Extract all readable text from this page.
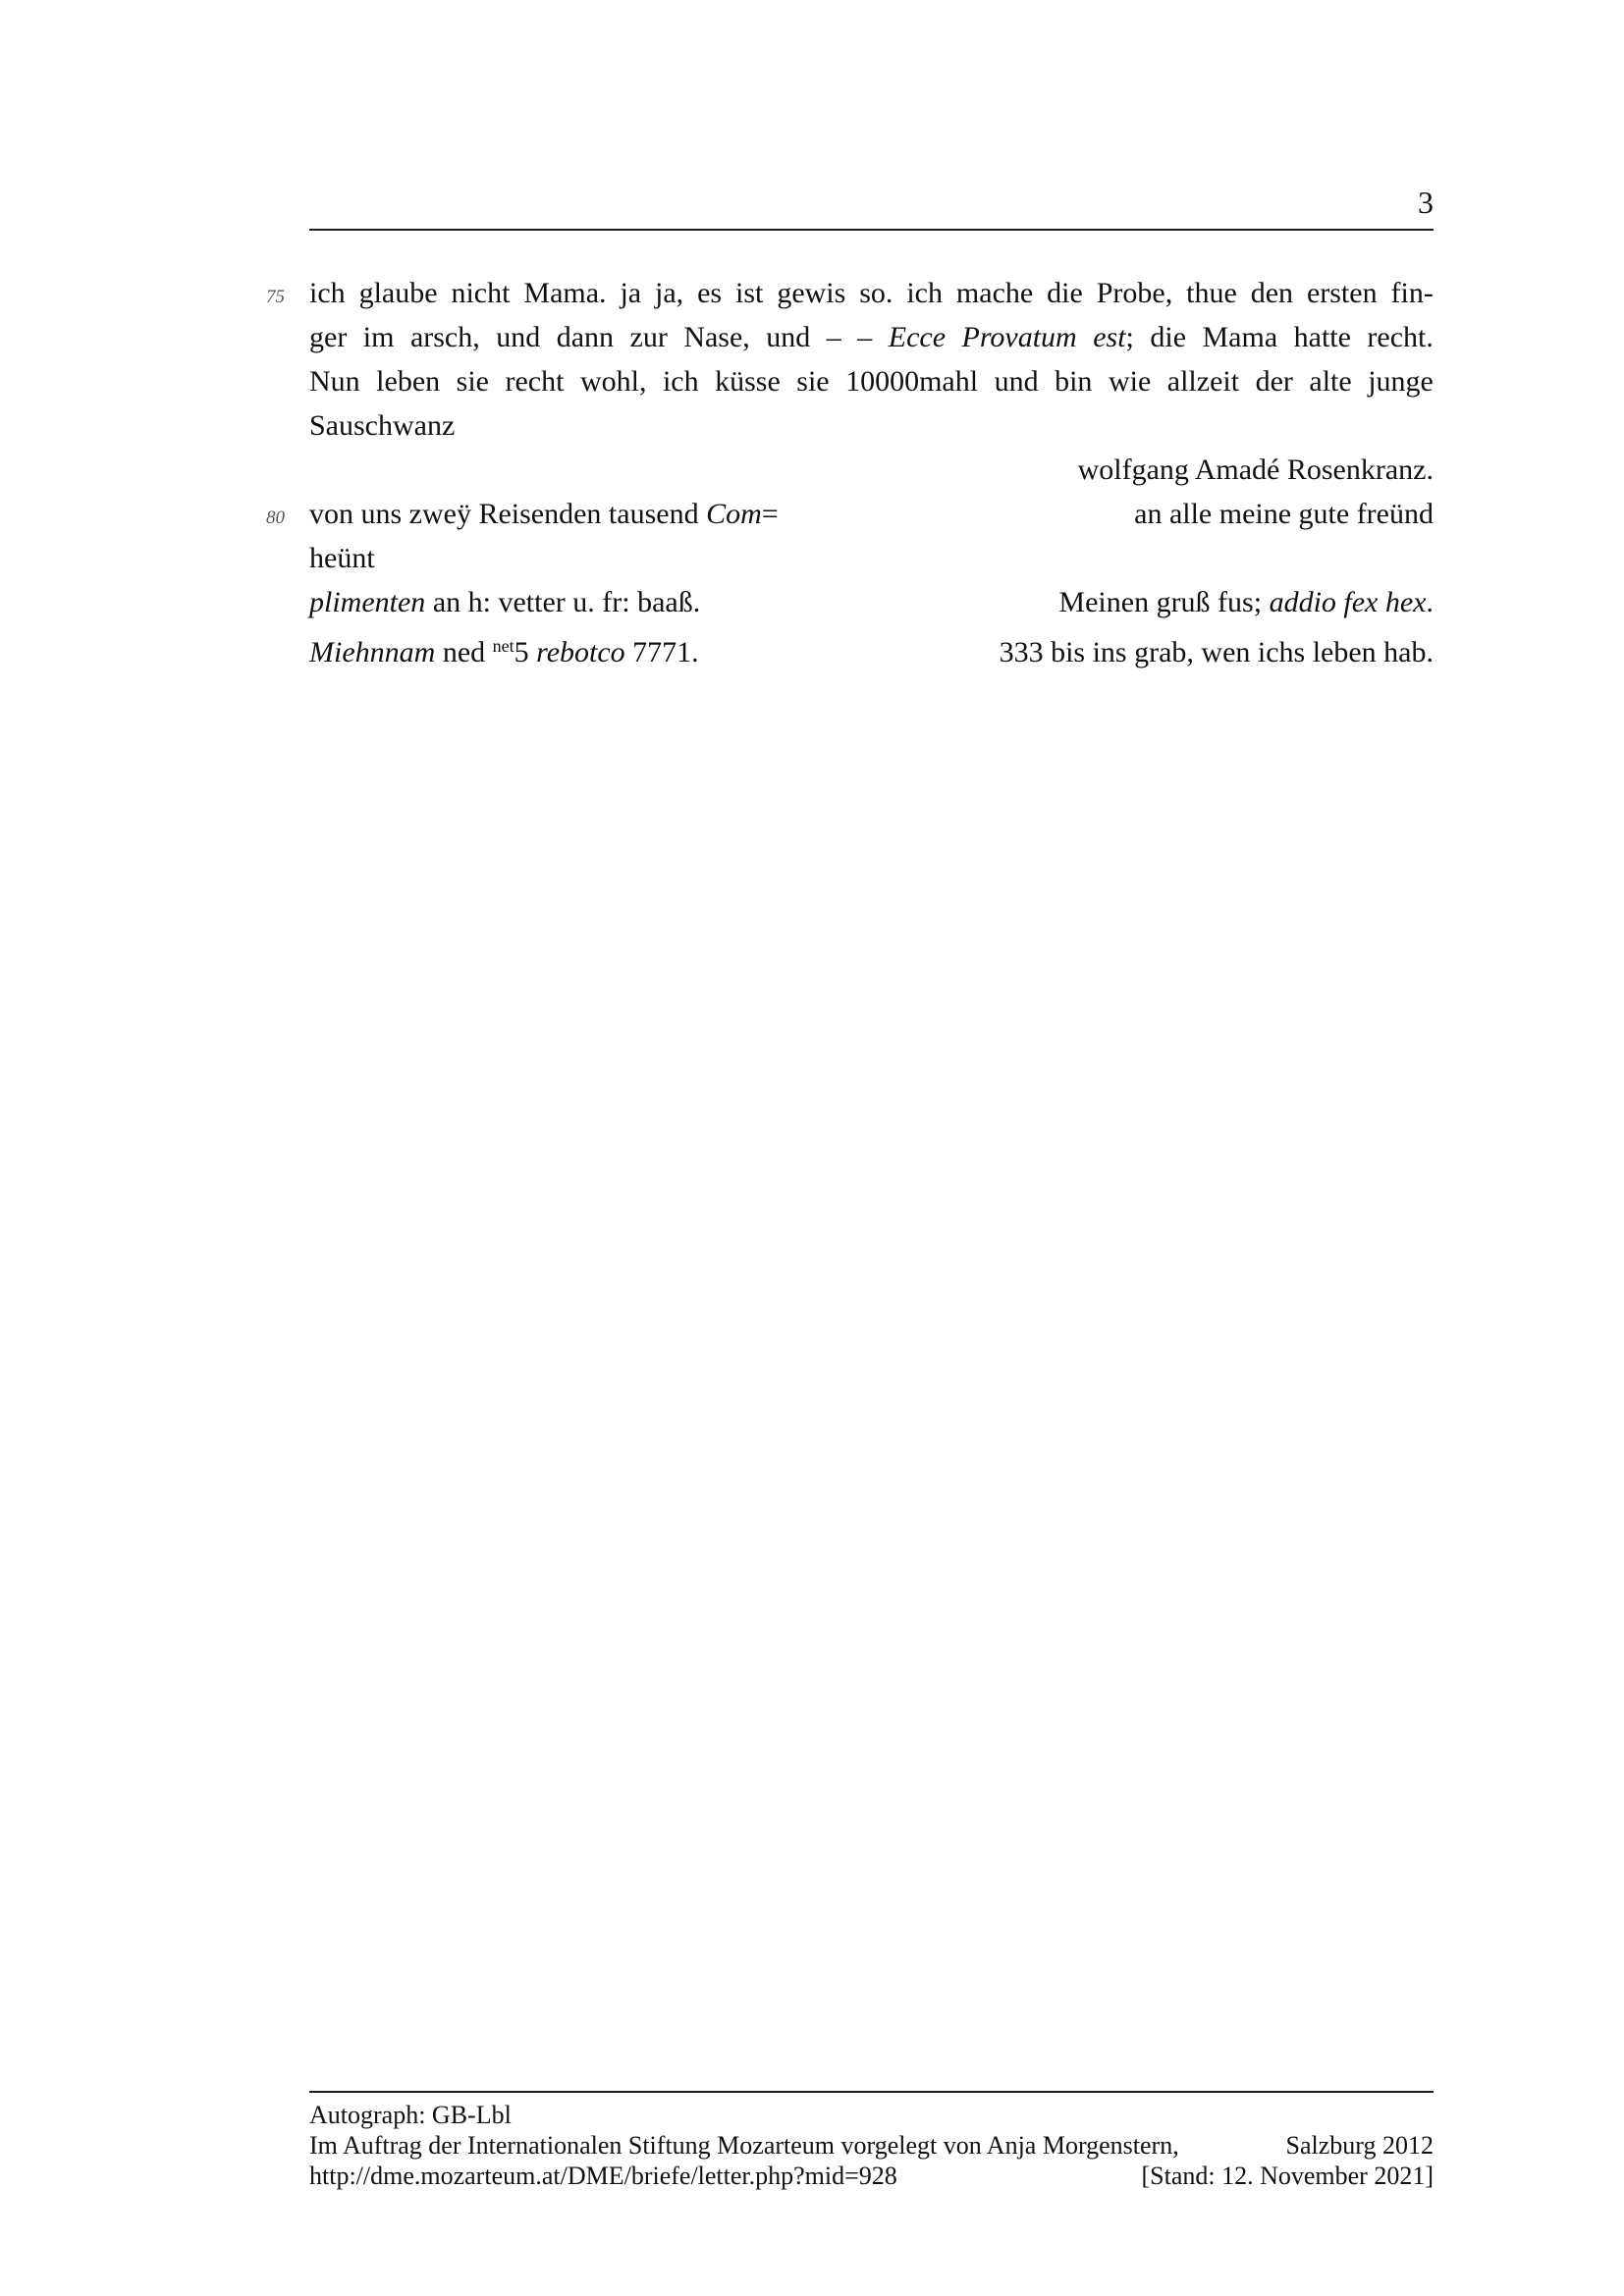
3
75
80
ich glaube nicht Mama. ja ja, es ist gewis so. ich mache die Probe, thue den ersten fin-
ger im arsch, und dann zur Nase, und – – Ecce Provatum est; die Mama hatte recht.
Nun leben sie recht wohl, ich küsse sie 10000mahl und bin wie allzeit der alte junge
Sauschwanz
wolfgang Amadé Rosenkranz.
von uns zweÿ Reisenden tausend Com=	an alle meine gute freünd
heünt
plimenten an h: vetter u. fr: baaß.	Meinen gruß fus; addio fex hex.
Miehnnam ned $^{net}$5 rebotco 7771.	333 bis ins grab, wen ichs leben hab.
Autograph: GB-Lbl
Im Auftrag der Internationalen Stiftung Mozarteum vorgelegt von Anja Morgenstern,	Salzburg 2012
http://dme.mozarteum.at/DME/briefe/letter.php?mid=928	[Stand: 12. November 2021]
